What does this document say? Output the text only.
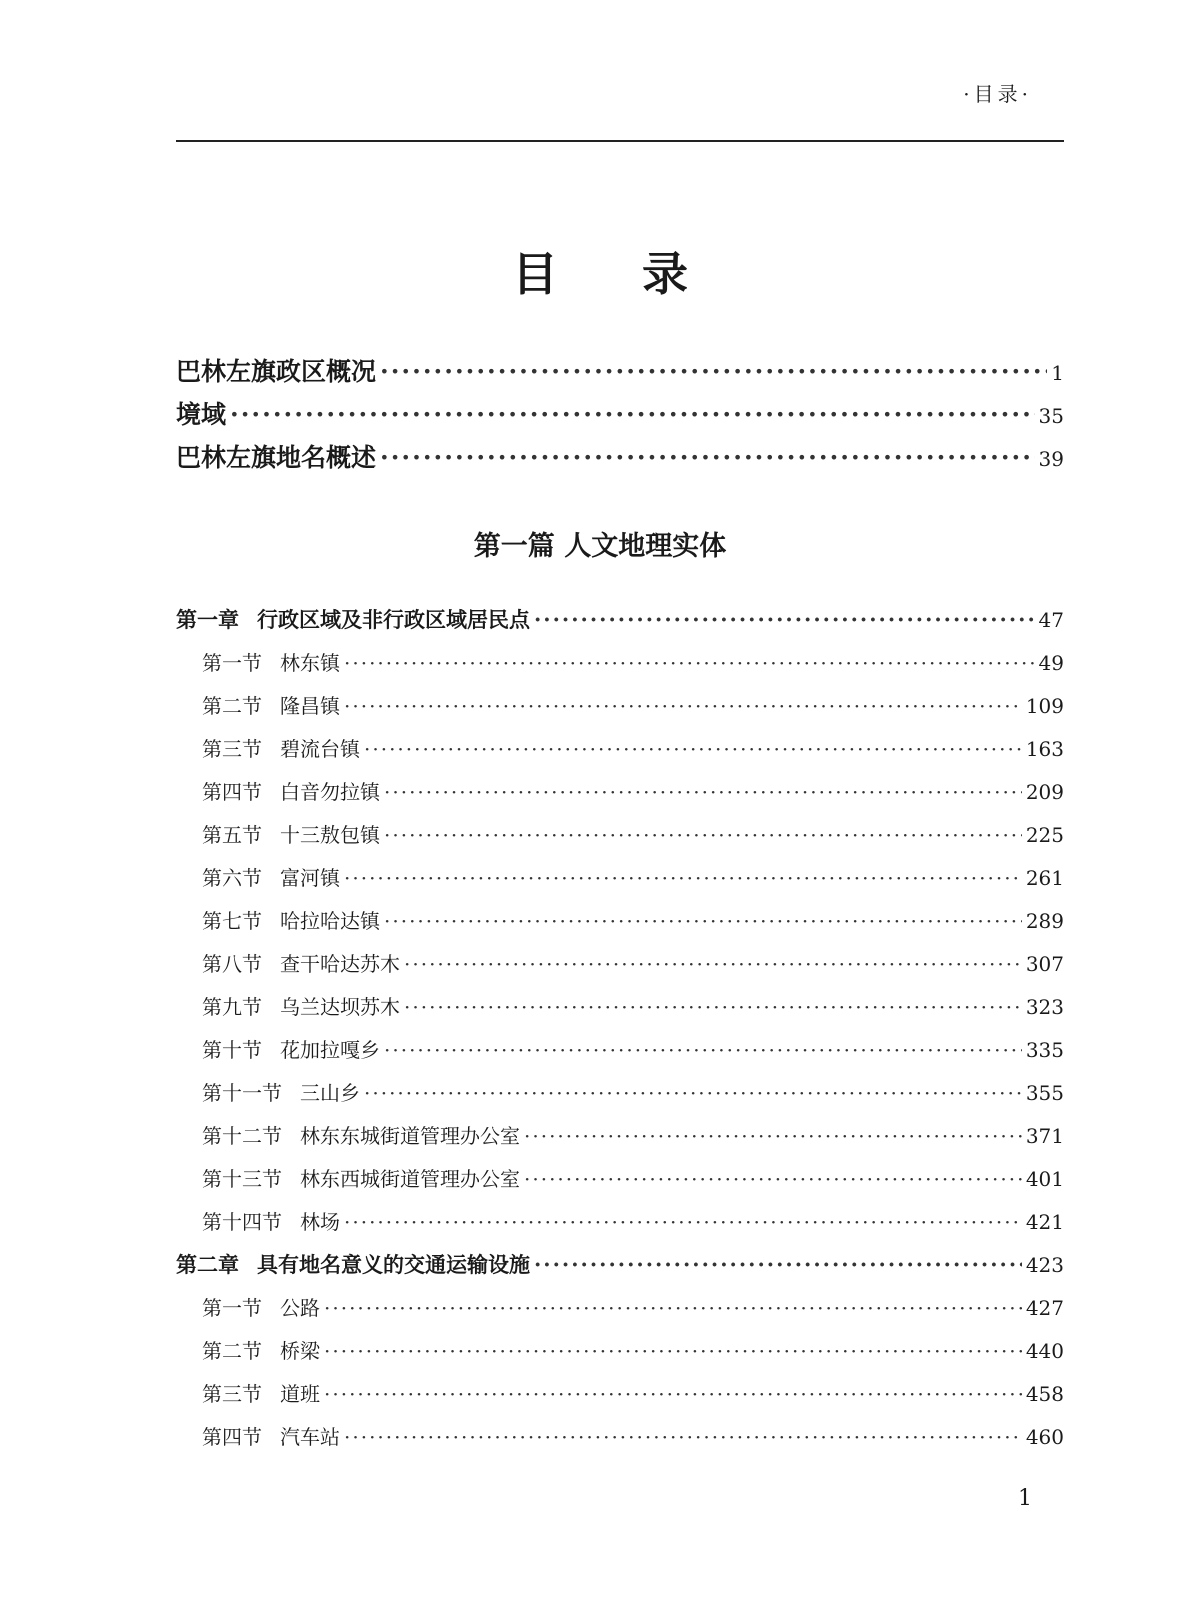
·目录·
目 录
巴林左旗政区概况 ·····	1
境域 ·····	35
巴林左旗地名概述 ·····	39
第一篇 人文地理实体
第一章 行政区域及非行政区域居民点 ·····	47
第一节 林东镇 ·····	49
第二节 隆昌镇 ·····	109
第三节 碧流台镇 ·····	163
第四节 白音勿拉镇 ·····	209
第五节 十三敖包镇 ·····	225
第六节 富河镇 ·····	261
第七节 哈拉哈达镇 ·····	289
第八节 查干哈达苏木 ·····	307
第九节 乌兰达坝苏木 ·····	323
第十节 花加拉嘎乡 ·····	335
第十一节 三山乡 ·····	355
第十二节 林东东城街道管理办公室 ·····	371
第十三节 林东西城街道管理办公室 ·····	401
第十四节 林场 ·····	421
第二章 具有地名意义的交通运输设施 ·····	423
第一节 公路 ·····	427
第二节 桥梁 ·····	440
第三节 道班 ·····	458
第四节 汽车站 ·····	460
1
